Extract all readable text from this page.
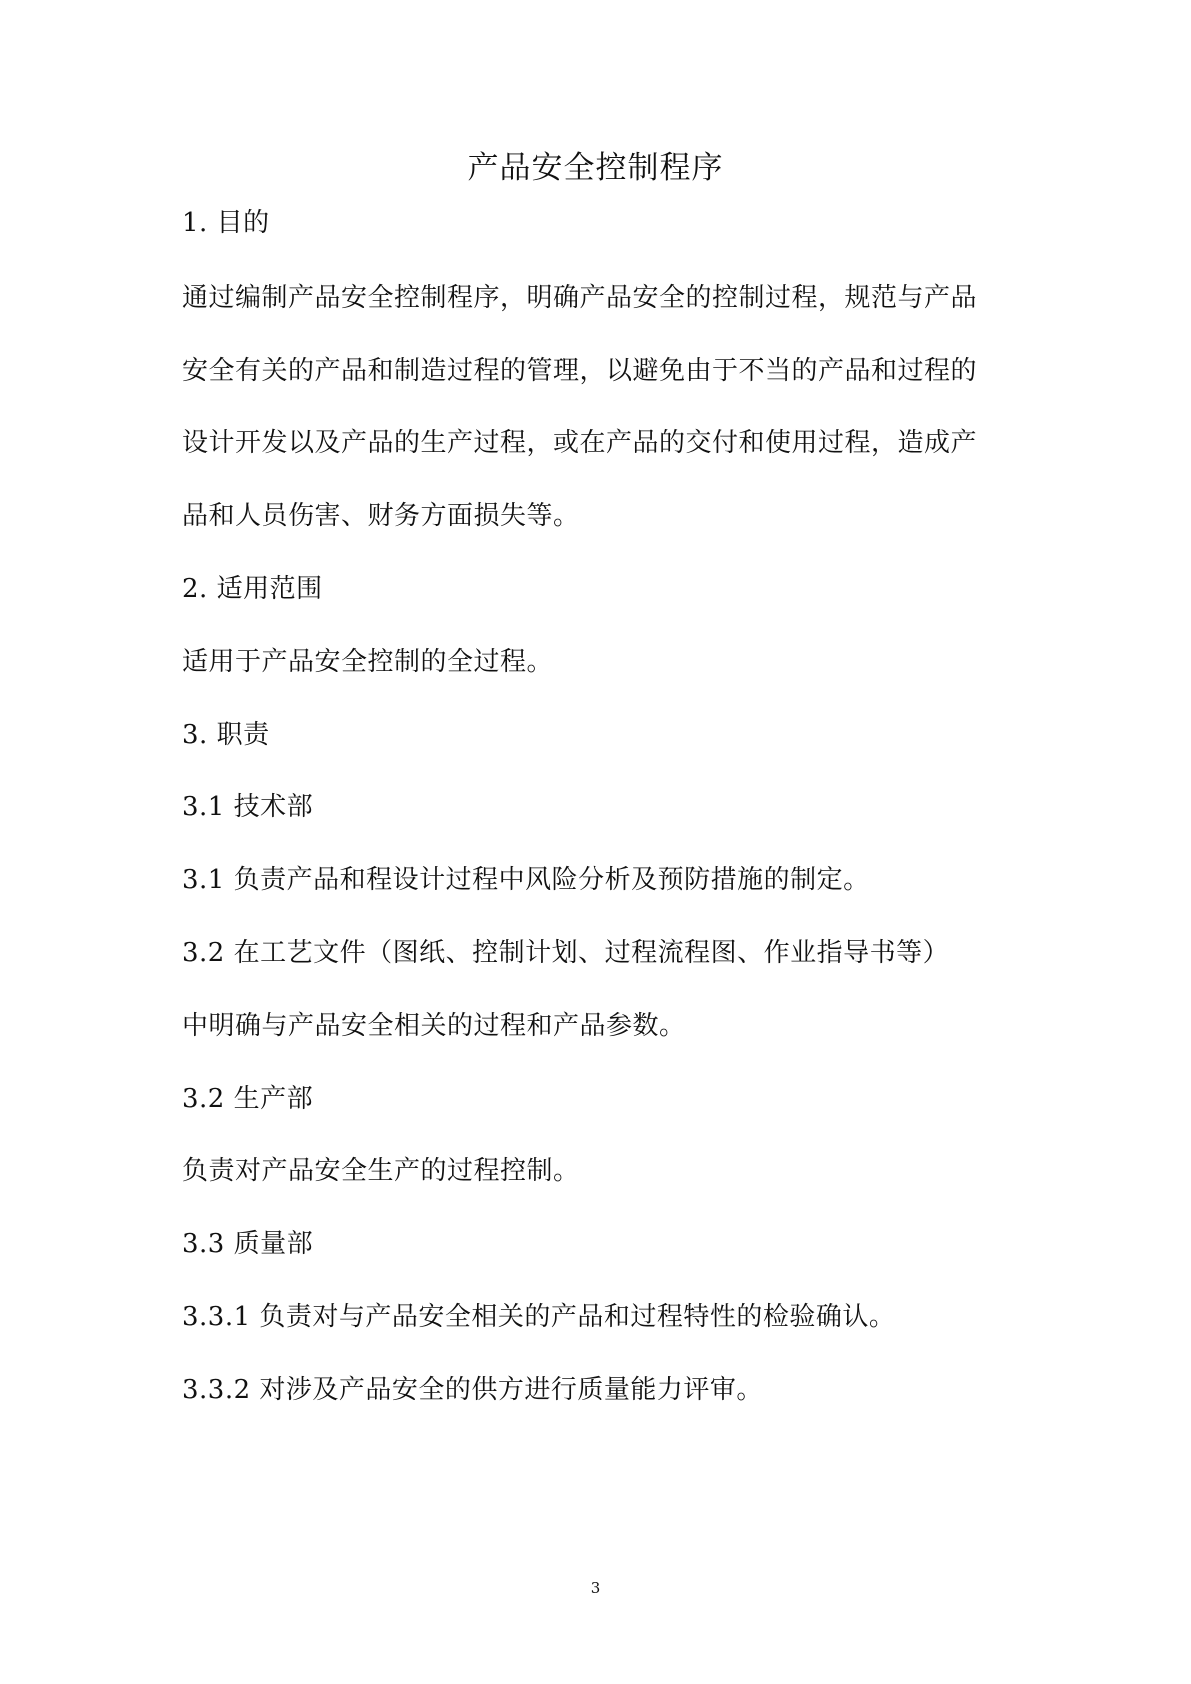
产品安全控制程序
1. 目的
通过编制产品安全控制程序，明确产品安全的控制过程，规范与产品
安全有关的产品和制造过程的管理，以避免由于不当的产品和过程的
设计开发以及产品的生产过程，或在产品的交付和使用过程，造成产
品和人员伤害、财务方面损失等。
2. 适用范围
适用于产品安全控制的全过程。
3. 职责
3.1 技术部
3.1 负责产品和程设计过程中风险分析及预防措施的制定。
3.2 在工艺文件（图纸、控制计划、过程流程图、作业指导书等）
中明确与产品安全相关的过程和产品参数。
3.2 生产部
负责对产品安全生产的过程控制。
3.3 质量部
3.3.1 负责对与产品安全相关的产品和过程特性的检验确认。
3.3.2 对涉及产品安全的供方进行质量能力评审。
3
